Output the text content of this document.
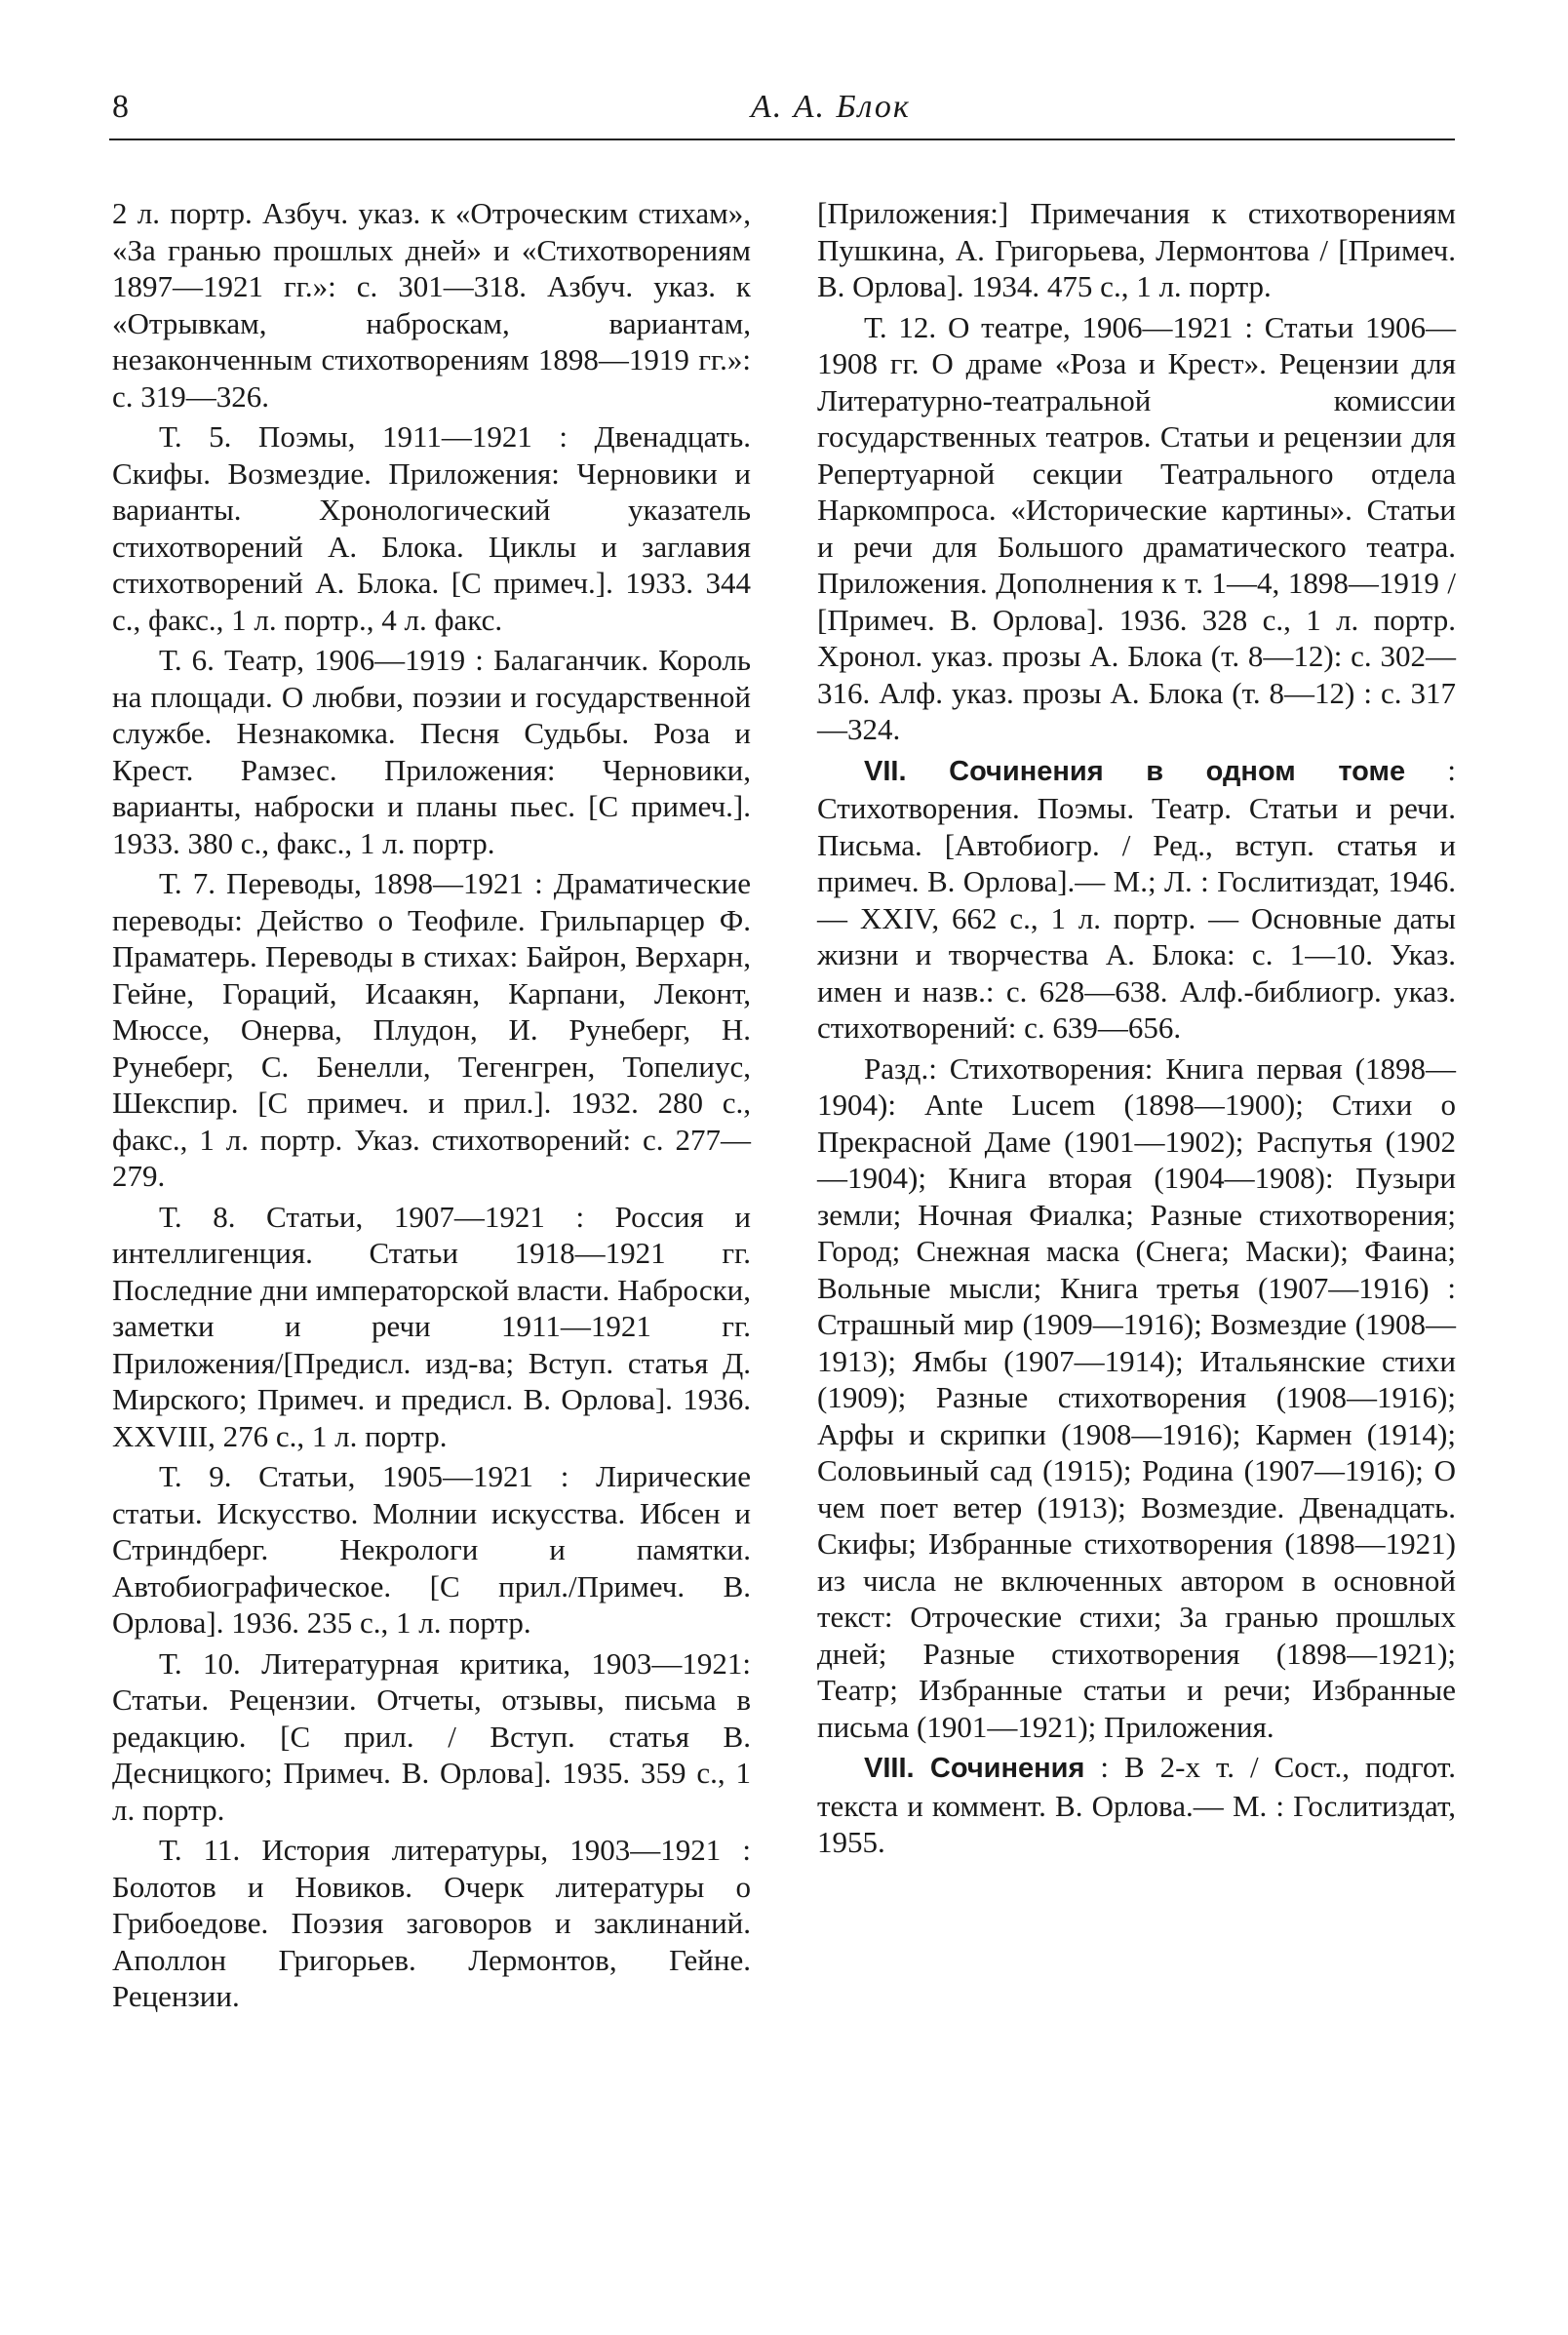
8	А. А. Блок

2 л. портр. Азбуч. указ. к «Отроческим стихам», «За гранью прошлых дней» и «Стихотворениям 1897—1921 гг.»: с. 301—318. Азбуч. указ. к «Отрывкам, наброскам, вариантам, незаконченным стихотворениям 1898—1919 гг.»: с. 319—326.

Т. 5. Поэмы, 1911—1921 : Двенадцать. Скифы. Возмездие. Приложения: Черновики и варианты. Хронологический указатель стихотворений А. Блока. Циклы и заглавия стихотворений А. Блока. [С примеч.]. 1933. 344 с., факс., 1 л. портр., 4 л. факс.

Т. 6. Театр, 1906—1919 : Балаганчик. Король на площади. О любви, поэзии и государственной службе. Незнакомка. Песня Судьбы. Роза и Крест. Рамзес. Приложения: Черновики, варианты, наброски и планы пьес. [С примеч.]. 1933. 380 с., факс., 1 л. портр.

Т. 7. Переводы, 1898—1921 : Драматические переводы: Действо о Теофиле. Грильпарцер Ф. Праматерь. Переводы в стихах: Байрон, Верхарн, Гейне, Гораций, Исаакян, Карпани, Леконт, Мюссе, Онерва, Плудон, И. Рунеберг, Н. Рунеберг, С. Бенелли, Тегенгрен, Топелиус, Шекспир. [С примеч. и прил.]. 1932. 280 с., факс., 1 л. портр. Указ. стихотворений: с. 277—279.

Т. 8. Статьи, 1907—1921 : Россия и интеллигенция. Статьи 1918—1921 гг. Последние дни императорской власти. Наброски, заметки и речи 1911—1921 гг. Приложения/[Предисл. изд-ва; Вступ. статья Д. Мирского; Примеч. и предисл. В. Орлова]. 1936. XXVIII, 276 с., 1 л. портр.

Т. 9. Статьи, 1905—1921 : Лирические статьи. Искусство. Молнии искусства. Ибсен и Стриндберг. Некрологи и памятки. Автобиографическое. [С прил./Примеч. В. Орлова]. 1936. 235 с., 1 л. портр.

Т. 10. Литературная критика, 1903—1921: Статьи. Рецензии. Отчеты, отзывы, письма в редакцию. [С прил. / Вступ. статья В. Десницкого; Примеч. В. Орлова]. 1935. 359 с., 1 л. портр.

Т. 11. История литературы, 1903—1921 : Болотов и Новиков. Очерк литературы о Грибоедове. Поэзия заговоров и заклинаний. Аполлон Григорьев. Лермонтов, Гейне. Рецензии.

[Приложения:] Примечания к стихотворениям Пушкина, А. Григорьева, Лермонтова / [Примеч. В. Орлова]. 1934. 475 с., 1 л. портр.

Т. 12. О театре, 1906—1921 : Статьи 1906—1908 гг. О драме «Роза и Крест». Рецензии для Литературно-театральной комиссии государственных театров. Статьи и рецензии для Репертуарной секции Театрального отдела Наркомпроса. «Исторические картины». Статьи и речи для Большого драматического театра. Приложения. Дополнения к т. 1—4, 1898—1919 / [Примеч. В. Орлова]. 1936. 328 с., 1 л. портр. Хронол. указ. прозы А. Блока (т. 8—12): с. 302—316. Алф. указ. прозы А. Блока (т. 8—12) : с. 317—324.

VII. Сочинения в одном томе : Стихотворения. Поэмы. Театр. Статьи и речи. Письма. [Автобиогр. / Ред., вступ. статья и примеч. В. Орлова].— М.; Л. : Гослитиздат, 1946. — XXIV, 662 с., 1 л. портр. — Основные даты жизни и творчества А. Блока: с. 1—10. Указ. имен и назв.: с. 628—638. Алф.-библиогр. указ. стихотворений: с. 639—656.

Разд.: Стихотворения: Книга первая (1898—1904): Ante Lucem (1898—1900); Стихи о Прекрасной Даме (1901—1902); Распутья (1902—1904); Книга вторая (1904—1908): Пузыри земли; Ночная Фиалка; Разные стихотворения; Город; Снежная маска (Снега; Маски); Фаина; Вольные мысли; Книга третья (1907—1916) : Страшный мир (1909—1916); Возмездие (1908—1913); Ямбы (1907—1914); Итальянские стихи (1909); Разные стихотворения (1908—1916); Арфы и скрипки (1908—1916); Кармен (1914); Соловьиный сад (1915); Родина (1907—1916); О чем поет ветер (1913); Возмездие. Двенадцать. Скифы; Избранные стихотворения (1898—1921) из числа не включенных автором в основной текст: Отроческие стихи; За гранью прошлых дней; Разные стихотворения (1898—1921); Театр; Избранные статьи и речи; Избранные письма (1901—1921); Приложения.

VIII. Сочинения : В 2-х т. / Сост., подгот. текста и коммент. В. Орлова.— М. : Гослитиздат, 1955.
